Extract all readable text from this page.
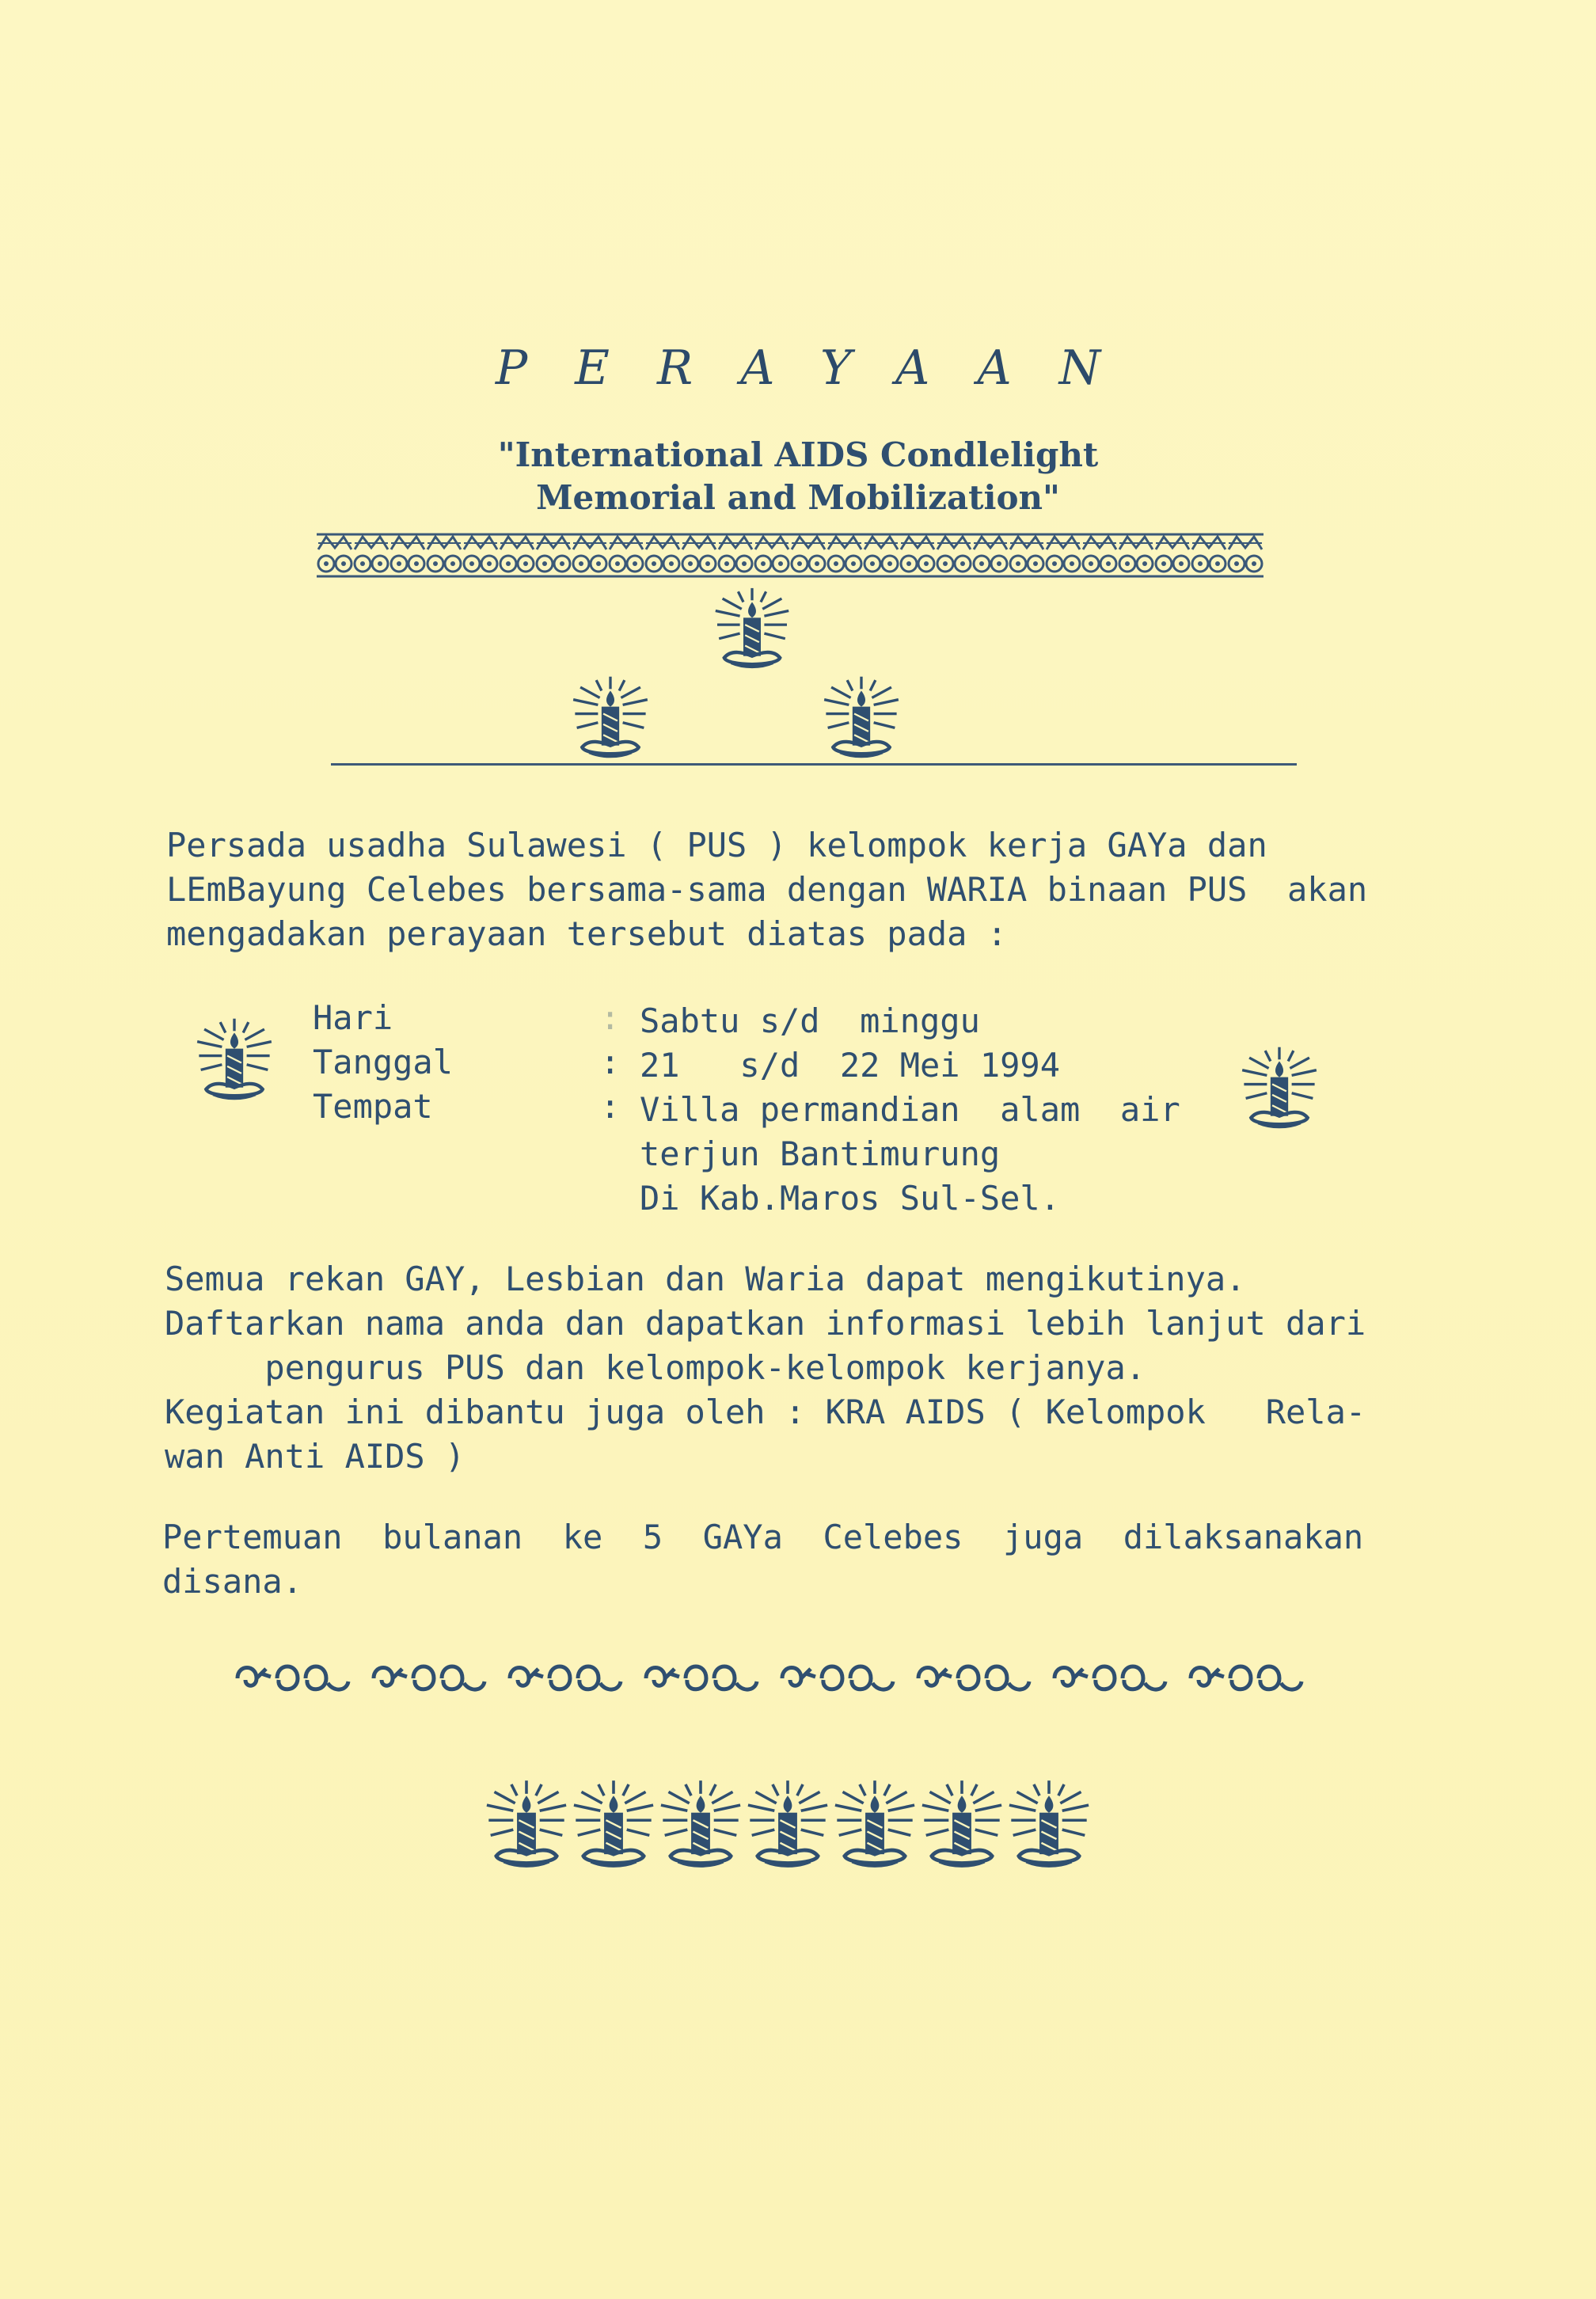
PERAYAAN
"International AIDS Condlelight
Memorial and Mobilization"
Persada usadha Sulawesi ( PUS ) kelompok kerja GAYa dan
LEmBayung Celebes bersama-sama dengan WARIA binaan PUS  akan
mengadakan perayaan tersebut diatas pada :
Hari
Tanggal
Tempat
:
:
:
Sabtu s/d  minggu
21   s/d  22 Mei 1994
Villa permandian  alam  air
terjun Bantimurung
Di Kab.Maros Sul-Sel.
Semua rekan GAY, Lesbian dan Waria dapat mengikutinya.
Daftarkan nama anda dan dapatkan informasi lebih lanjut dari
pengurus PUS dan kelompok-kelompok kerjanya.
Kegiatan ini dibantu juga oleh : KRA AIDS ( Kelompok   Rela-
wan Anti AIDS )
Pertemuan  bulanan  ke  5  GAYa  Celebes  juga  dilaksanakan
disana.
